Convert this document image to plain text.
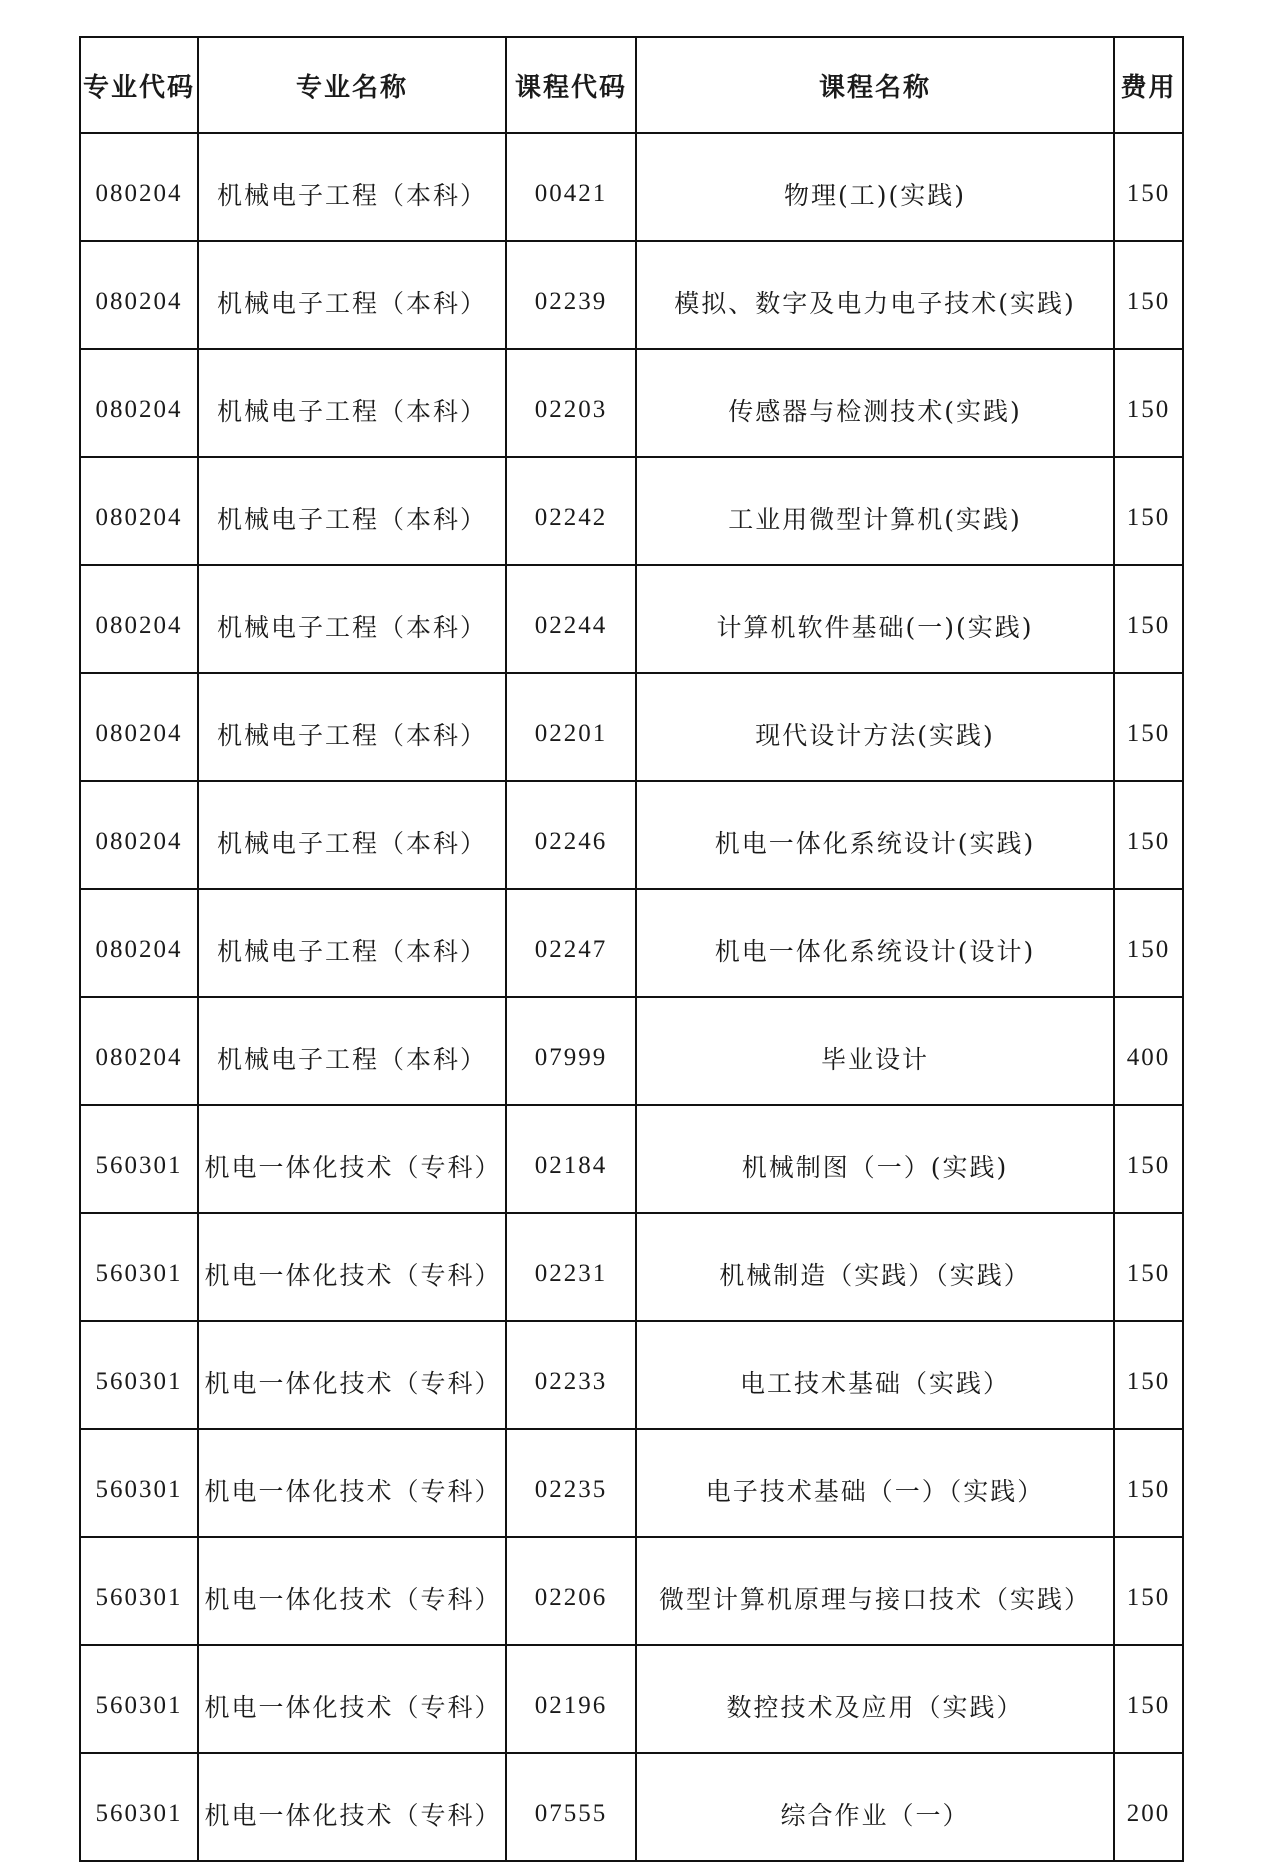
专业代码	专业名称	课程代码	课程名称	费用
080204	机械电子工程（本科）	00421	物理(工)(实践)	150
080204	机械电子工程（本科）	02239	模拟、数字及电力电子技术(实践)	150
080204	机械电子工程（本科）	02203	传感器与检测技术(实践)	150
080204	机械电子工程（本科）	02242	工业用微型计算机(实践)	150
080204	机械电子工程（本科）	02244	计算机软件基础(一)(实践)	150
080204	机械电子工程（本科）	02201	现代设计方法(实践)	150
080204	机械电子工程（本科）	02246	机电一体化系统设计(实践)	150
080204	机械电子工程（本科）	02247	机电一体化系统设计(设计)	150
080204	机械电子工程（本科）	07999	毕业设计	400
560301	机电一体化技术（专科）	02184	机械制图（一）(实践)	150
560301	机电一体化技术（专科）	02231	机械制造（实践）（实践）	150
560301	机电一体化技术（专科）	02233	电工技术基础（实践）	150
560301	机电一体化技术（专科）	02235	电子技术基础（一）（实践）	150
560301	机电一体化技术（专科）	02206	微型计算机原理与接口技术（实践）	150
560301	机电一体化技术（专科）	02196	数控技术及应用（实践）	150
560301	机电一体化技术（专科）	07555	综合作业（一）	200
